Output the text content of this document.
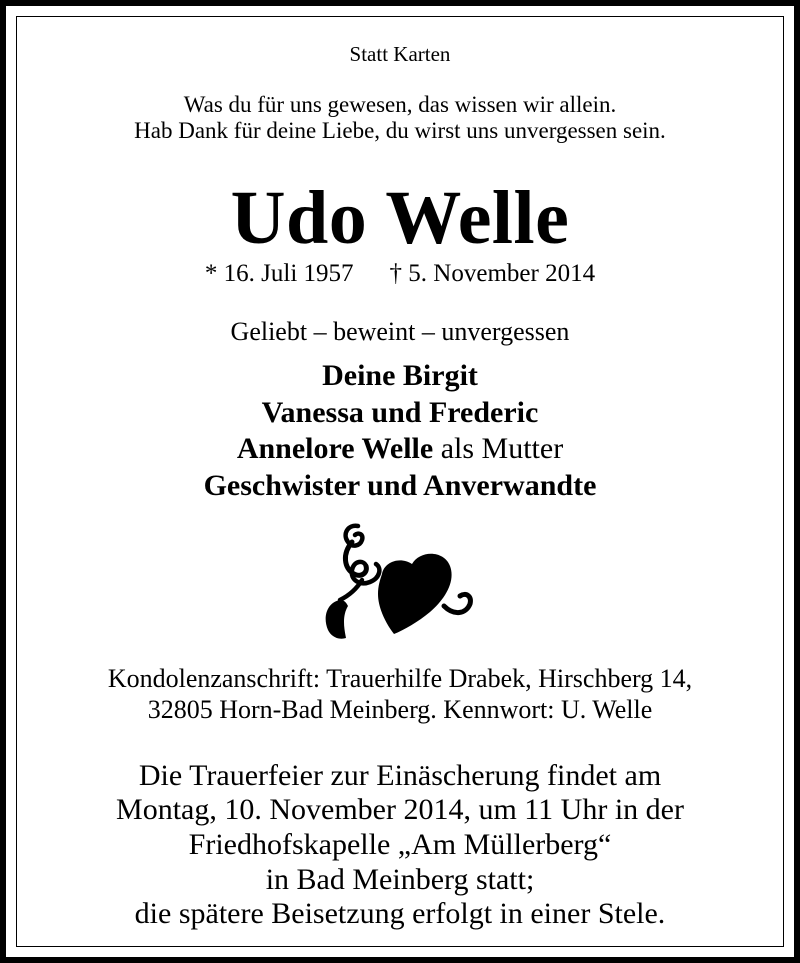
Statt Karten
Was du für uns gewesen, das wissen wir allein.
Hab Dank für deine Liebe, du wirst uns unvergessen sein.
Udo Welle
* 16. Juli 1957 † 5. November 2014
Geliebt – beweint – unvergessen
Deine Birgit
Vanessa und Frederic
Annelore Welle als Mutter
Geschwister und Anverwandte
Kondolenzanschrift: Trauerhilfe Drabek, Hirschberg 14,
32805 Horn-Bad Meinberg. Kennwort: U. Welle
Die Trauerfeier zur Einäscherung findet am
Montag, 10. November 2014, um 11 Uhr in der
Friedhofskapelle „Am Müllerberg“
in Bad Meinberg statt;
die spätere Beisetzung erfolgt in einer Stele.
